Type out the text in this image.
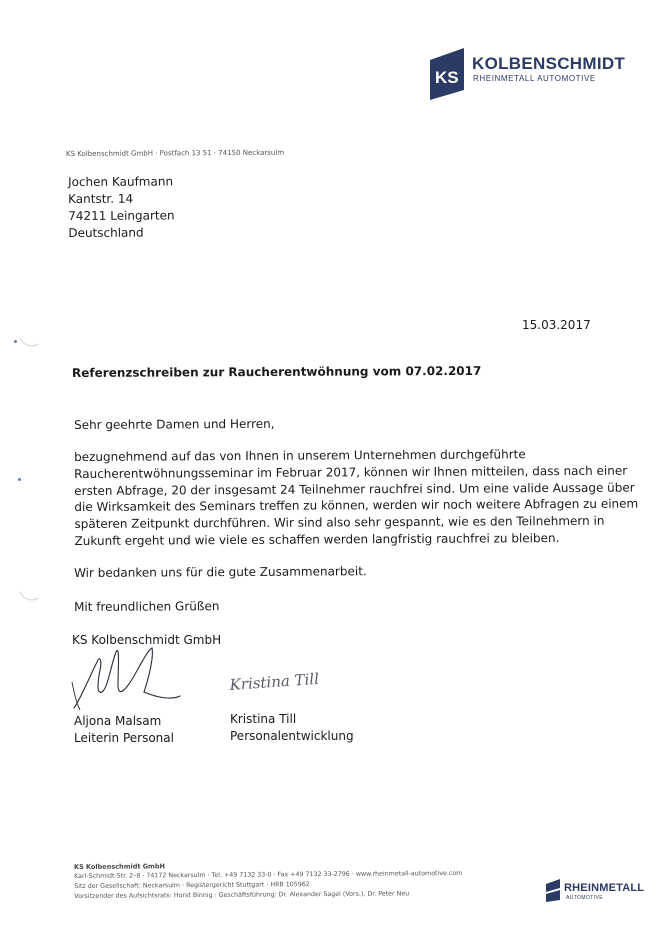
KS
KOLBENSCHMIDT
RHEINMETALL AUTOMOTIVE
KS Kolbenschmidt GmbH · Postfach 13 51 · 74150 Neckarsulm
Jochen Kaufmann
Kantstr. 14
74211 Leingarten
Deutschland
15.03.2017
Referenzschreiben zur Raucherentwöhnung vom 07.02.2017
Sehr geehrte Damen und Herren,
bezugnehmend auf das von Ihnen in unserem Unternehmen durchgeführte
Raucherentwöhnungsseminar im Februar 2017, können wir Ihnen mitteilen, dass nach einer
ersten Abfrage, 20 der insgesamt 24 Teilnehmer rauchfrei sind. Um eine valide Aussage über
die Wirksamkeit des Seminars treffen zu können, werden wir noch weitere Abfragen zu einem
späteren Zeitpunkt durchführen. Wir sind also sehr gespannt, wie es den Teilnehmern in
Zukunft ergeht und wie viele es schaffen werden langfristig rauchfrei zu bleiben.
Wir bedanken uns für die gute Zusammenarbeit.
Mit freundlichen Grüßen
KS Kolbenschmidt GmbH
Kristina Till
Aljona Malsam
Leiterin Personal
Kristina Till
Personalentwicklung
KS Kolbenschmidt GmbH
Karl-Schmidt-Str. 2–8 · 74172 Neckarsulm · Tel. +49 7132 33-0 · Fax +49 7132 33-2796 · www.rheinmetall-automotive.com
Sitz der Gesellschaft: Neckarsulm · Registergericht Stuttgart · HRB 105962
Vorsitzender des Aufsichtsrats: Horst Binnig · Geschäftsführung: Dr. Alexander Sagel (Vors.), Dr. Peter Neu
RHEINMETALL
AUTOMOTIVE
